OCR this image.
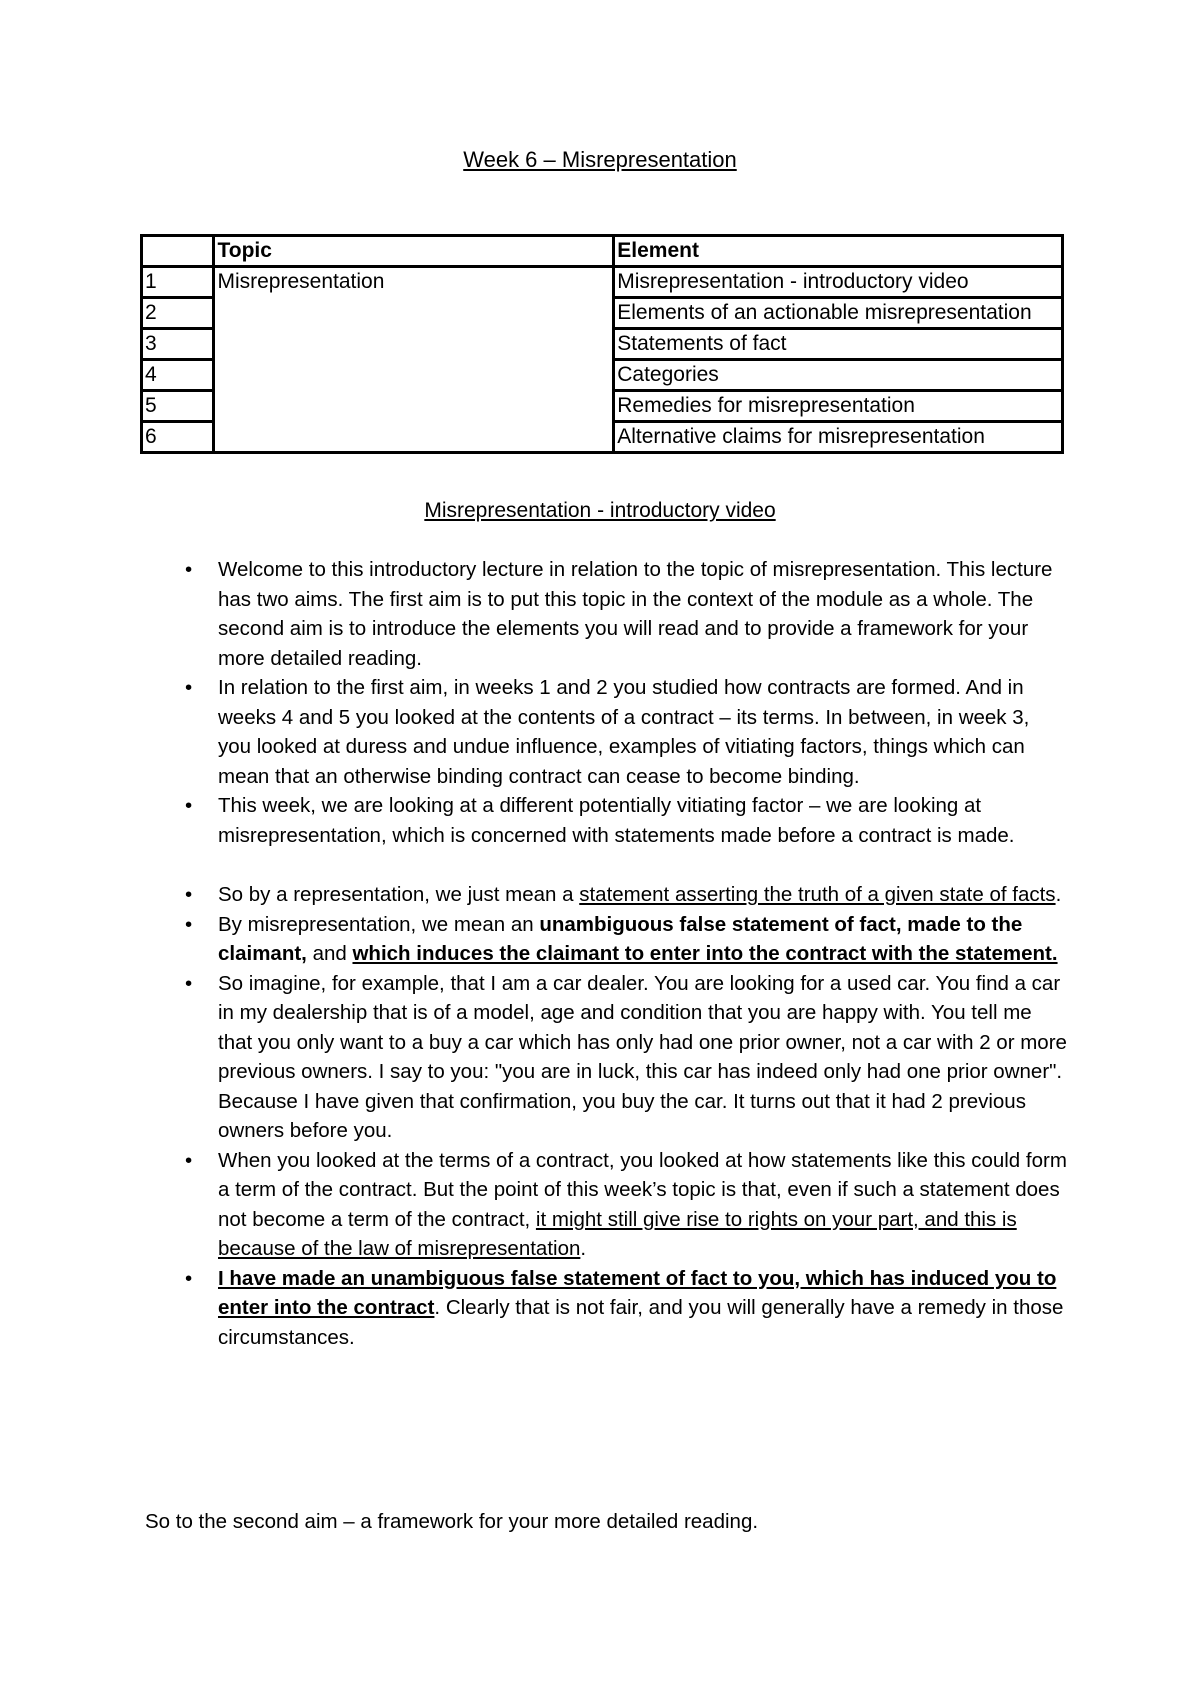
Week 6 – Misrepresentation
	Topic	Element
1	Misrepresentation	Misrepresentation - introductory video
2		Elements of an actionable misrepresentation
3		Statements of fact
4		Categories
5		Remedies for misrepresentation
6		Alternative claims for misrepresentation
Misrepresentation - introductory video
• Welcome to this introductory lecture in relation to the topic of misrepresentation. This lecture has two aims. The first aim is to put this topic in the context of the module as a whole. The second aim is to introduce the elements you will read and to provide a framework for your more detailed reading.
• In relation to the first aim, in weeks 1 and 2 you studied how contracts are formed. And in weeks 4 and 5 you looked at the contents of a contract – its terms. In between, in week 3, you looked at duress and undue influence, examples of vitiating factors, things which can mean that an otherwise binding contract can cease to become binding.
• This week, we are looking at a different potentially vitiating factor – we are looking at misrepresentation, which is concerned with statements made before a contract is made.
• So by a representation, we just mean a statement asserting the truth of a given state of facts.
• By misrepresentation, we mean an unambiguous false statement of fact, made to the claimant, and which induces the claimant to enter into the contract with the statement.
• So imagine, for example, that I am a car dealer. You are looking for a used car. You find a car in my dealership that is of a model, age and condition that you are happy with. You tell me that you only want to a buy a car which has only had one prior owner, not a car with 2 or more previous owners. I say to you: "you are in luck, this car has indeed only had one prior owner". Because I have given that confirmation, you buy the car. It turns out that it had 2 previous owners before you.
• When you looked at the terms of a contract, you looked at how statements like this could form a term of the contract. But the point of this week’s topic is that, even if such a statement does not become a term of the contract, it might still give rise to rights on your part, and this is because of the law of misrepresentation.
• I have made an unambiguous false statement of fact to you, which has induced you to enter into the contract. Clearly that is not fair, and you will generally have a remedy in those circumstances.
So to the second aim – a framework for your more detailed reading.
